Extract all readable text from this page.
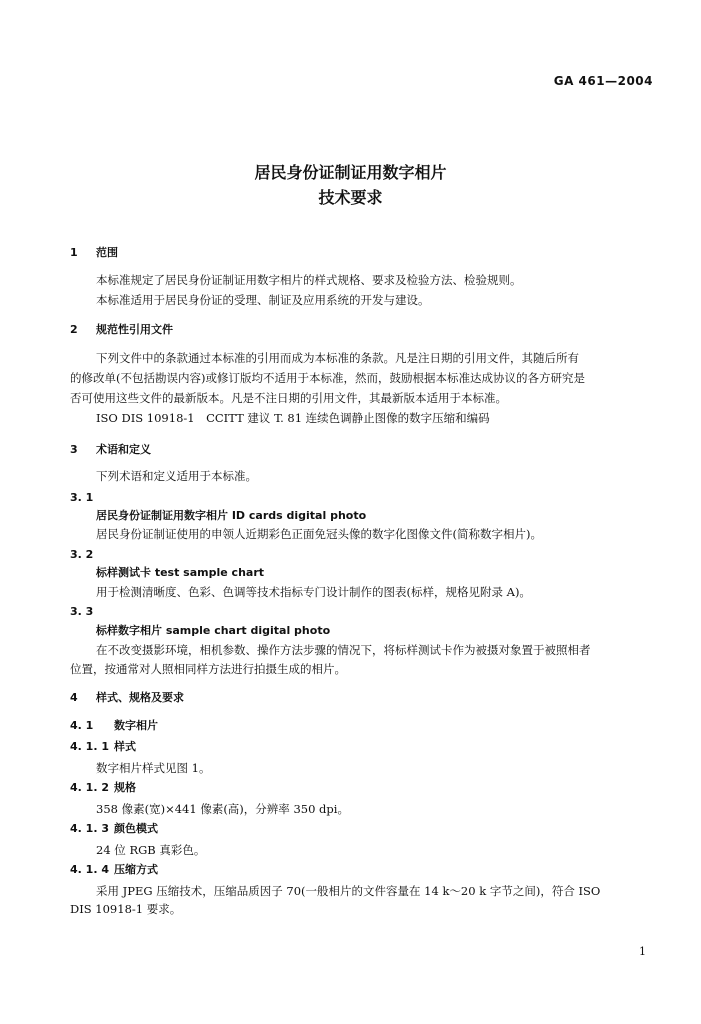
GA 461—2004
居民身份证制证用数字相片
技术要求
1 范围
本标准规定了居民身份证制证用数字相片的样式规格、要求及检验方法、检验规则。
本标准适用于居民身份证的受理、制证及应用系统的开发与建设。
2 规范性引用文件
下列文件中的条款通过本标准的引用而成为本标准的条款。凡是注日期的引用文件，其随后所有
的修改单(不包括勘误内容)或修订版均不适用于本标准，然而，鼓励根据本标准达成协议的各方研究是
否可使用这些文件的最新版本。凡是不注日期的引用文件，其最新版本适用于本标准。
ISO DIS 10918-1　CCITT 建议 T. 81 连续色调静止图像的数字压缩和编码
3 术语和定义
下列术语和定义适用于本标准。
3. 1
居民身份证制证用数字相片 ID cards digital photo
居民身份证制证使用的申领人近期彩色正面免冠头像的数字化图像文件(简称数字相片)。
3. 2
标样测试卡 test sample chart
用于检测清晰度、色彩、色调等技术指标专门设计制作的图表(标样，规格见附录 A)。
3. 3
标样数字相片 sample chart digital photo
在不改变摄影环境，相机参数、操作方法步骤的情况下，将标样测试卡作为被摄对象置于被照相者
位置，按通常对人照相同样方法进行拍摄生成的相片。
4 样式、规格及要求
4. 1 数字相片
4. 1. 1 样式
数字相片样式见图 1。
4. 1. 2 规格
358 像素(宽)×441 像素(高)，分辨率 350 dpi。
4. 1. 3 颜色模式
24 位 RGB 真彩色。
4. 1. 4 压缩方式
采用 JPEG 压缩技术，压缩品质因子 70(一般相片的文件容量在 14 k～20 k 字节之间)，符合 ISO
DIS 10918-1 要求。
1
